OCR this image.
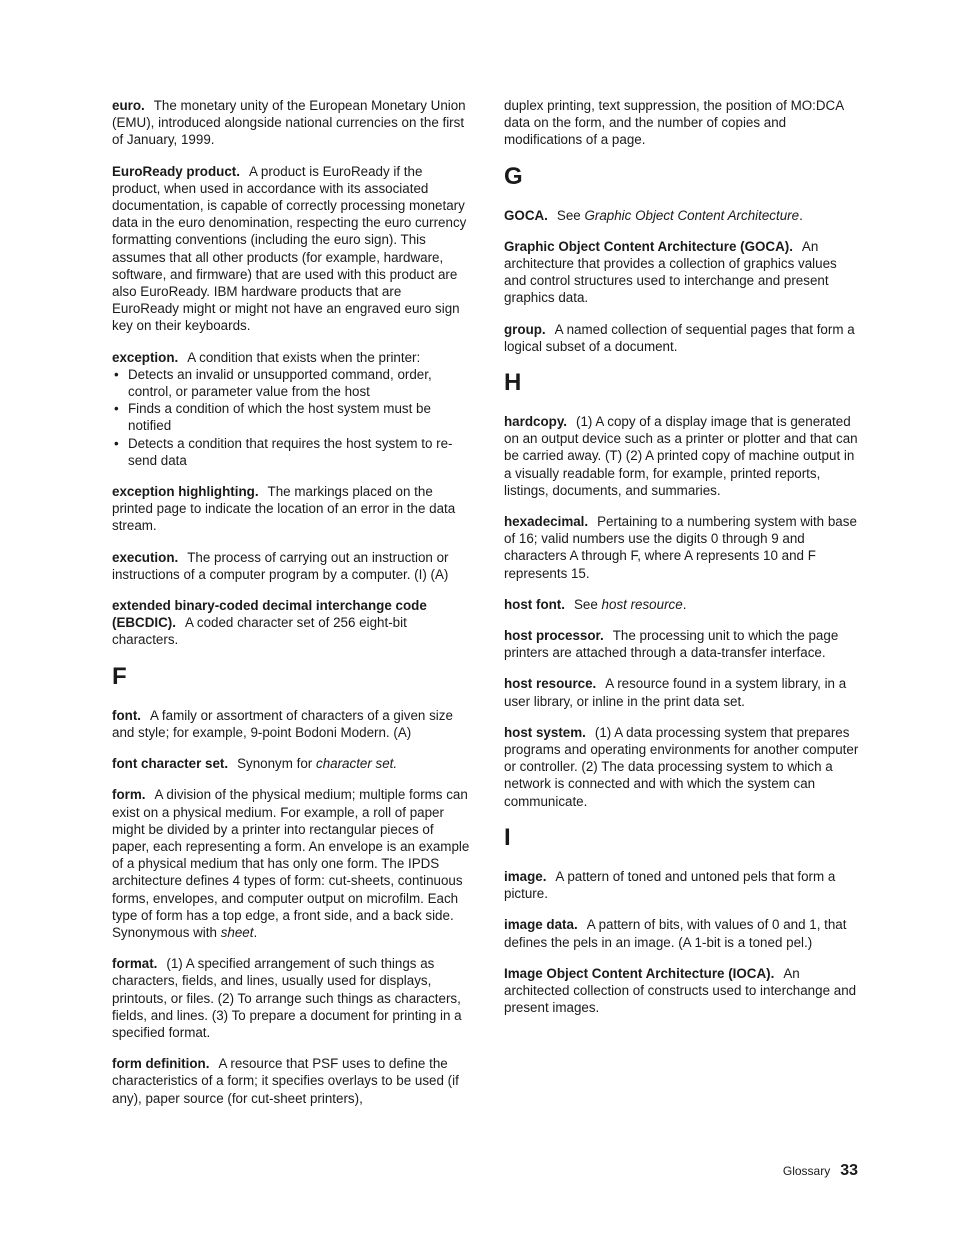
euro. The monetary unity of the European Monetary Union (EMU), introduced alongside national currencies on the first of January, 1999.

EuroReady product. A product is EuroReady if the product, when used in accordance with its associated documentation, is capable of correctly processing monetary data in the euro denomination, respecting the euro currency formatting conventions (including the euro sign). This assumes that all other products (for example, hardware, software, and firmware) that are used with this product are also EuroReady. IBM hardware products that are EuroReady might or might not have an engraved euro sign key on their keyboards.

exception. A condition that exists when the printer:
• Detects an invalid or unsupported command, order, control, or parameter value from the host
• Finds a condition of which the host system must be notified
• Detects a condition that requires the host system to re-send data

exception highlighting. The markings placed on the printed page to indicate the location of an error in the data stream.

execution. The process of carrying out an instruction or instructions of a computer program by a computer. (I) (A)

extended binary-coded decimal interchange code (EBCDIC). A coded character set of 256 eight-bit characters.

F

font. A family or assortment of characters of a given size and style; for example, 9-point Bodoni Modern. (A)

font character set. Synonym for character set.

form. A division of the physical medium; multiple forms can exist on a physical medium. For example, a roll of paper might be divided by a printer into rectangular pieces of paper, each representing a form. An envelope is an example of a physical medium that has only one form. The IPDS architecture defines 4 types of form: cut-sheets, continuous forms, envelopes, and computer output on microfilm. Each type of form has a top edge, a front side, and a back side. Synonymous with sheet.

format. (1) A specified arrangement of such things as characters, fields, and lines, usually used for displays, printouts, or files. (2) To arrange such things as characters, fields, and lines. (3) To prepare a document for printing in a specified format.

form definition. A resource that PSF uses to define the characteristics of a form; it specifies overlays to be used (if any), paper source (for cut-sheet printers),

duplex printing, text suppression, the position of MO:DCA data on the form, and the number of copies and modifications of a page.

G

GOCA. See Graphic Object Content Architecture.

Graphic Object Content Architecture (GOCA). An architecture that provides a collection of graphics values and control structures used to interchange and present graphics data.

group. A named collection of sequential pages that form a logical subset of a document.

H

hardcopy. (1) A copy of a display image that is generated on an output device such as a printer or plotter and that can be carried away. (T) (2) A printed copy of machine output in a visually readable form, for example, printed reports, listings, documents, and summaries.

hexadecimal. Pertaining to a numbering system with base of 16; valid numbers use the digits 0 through 9 and characters A through F, where A represents 10 and F represents 15.

host font. See host resource.

host processor. The processing unit to which the page printers are attached through a data-transfer interface.

host resource. A resource found in a system library, in a user library, or inline in the print data set.

host system. (1) A data processing system that prepares programs and operating environments for another computer or controller. (2) The data processing system to which a network is connected and with which the system can communicate.

I

image. A pattern of toned and untoned pels that form a picture.

image data. A pattern of bits, with values of 0 and 1, that defines the pels in an image. (A 1-bit is a toned pel.)

Image Object Content Architecture (IOCA). An architected collection of constructs used to interchange and present images.

Glossary 33
